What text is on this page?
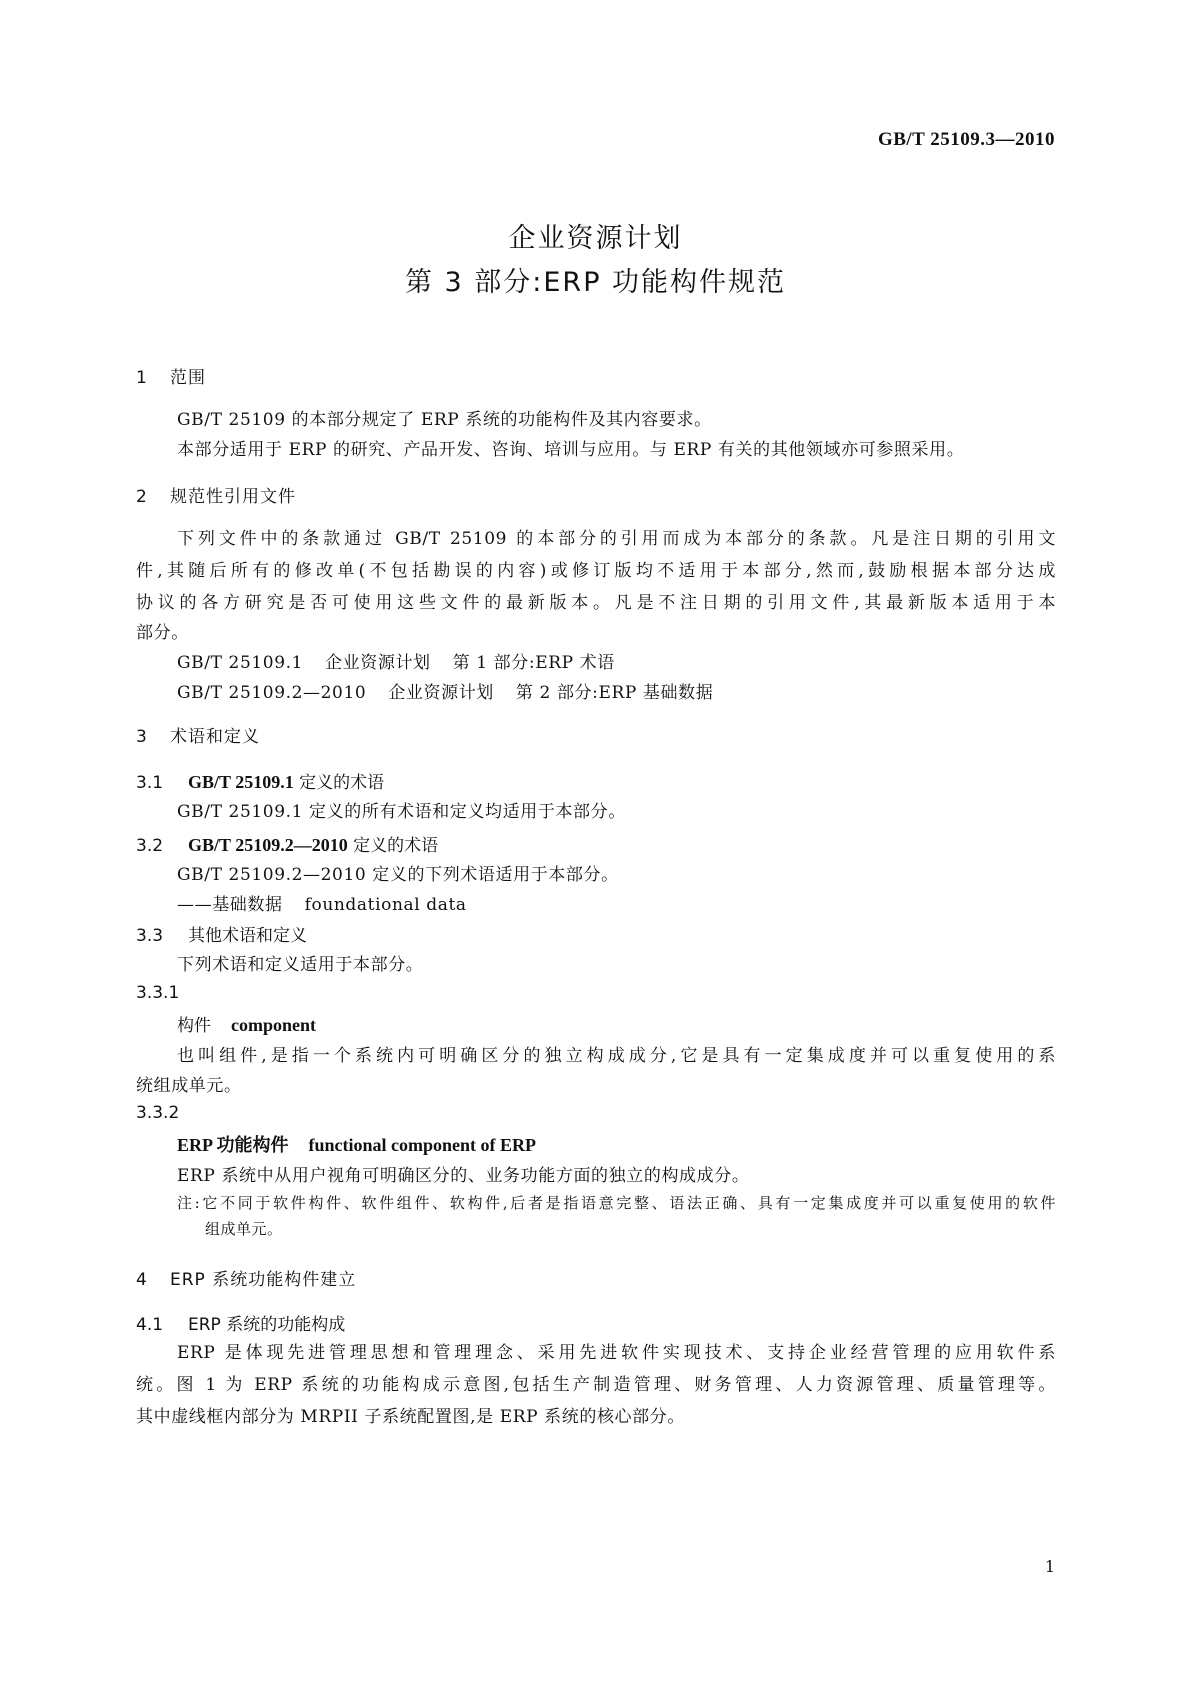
GB/T 25109.3—2010
企业资源计划
第 3 部分:ERP 功能构件规范
1 范围
GB/T 25109 的本部分规定了 ERP 系统的功能构件及其内容要求。
本部分适用于 ERP 的研究、产品开发、咨询、培训与应用。与 ERP 有关的其他领域亦可参照采用。
2 规范性引用文件
下列文件中的条款通过 GB/T 25109 的本部分的引用而成为本部分的条款。凡是注日期的引用文
件,其随后所有的修改单(不包括勘误的内容)或修订版均不适用于本部分,然而,鼓励根据本部分达成
协议的各方研究是否可使用这些文件的最新版本。凡是不注日期的引用文件,其最新版本适用于本
部分。
GB/T 25109.1 企业资源计划 第 1 部分:ERP 术语
GB/T 25109.2—2010 企业资源计划 第 2 部分:ERP 基础数据
3 术语和定义
3.1 GB/T 25109.1 定义的术语
GB/T 25109.1 定义的所有术语和定义均适用于本部分。
3.2 GB/T 25109.2—2010 定义的术语
GB/T 25109.2—2010 定义的下列术语适用于本部分。
——基础数据 foundational data
3.3 其他术语和定义
下列术语和定义适用于本部分。
3.3.1
构件 component
也叫组件,是指一个系统内可明确区分的独立构成成分,它是具有一定集成度并可以重复使用的系
统组成单元。
3.3.2
ERP 功能构件 functional component of ERP
ERP 系统中从用户视角可明确区分的、业务功能方面的独立的构成成分。
注:它不同于软件构件、软件组件、软构件,后者是指语意完整、语法正确、具有一定集成度并可以重复使用的软件
组成单元。
4 ERP 系统功能构件建立
4.1 ERP 系统的功能构成
ERP 是体现先进管理思想和管理理念、采用先进软件实现技术、支持企业经营管理的应用软件系
统。图 1 为 ERP 系统的功能构成示意图,包括生产制造管理、财务管理、人力资源管理、质量管理等。
其中虚线框内部分为 MRPII 子系统配置图,是 ERP 系统的核心部分。
1
